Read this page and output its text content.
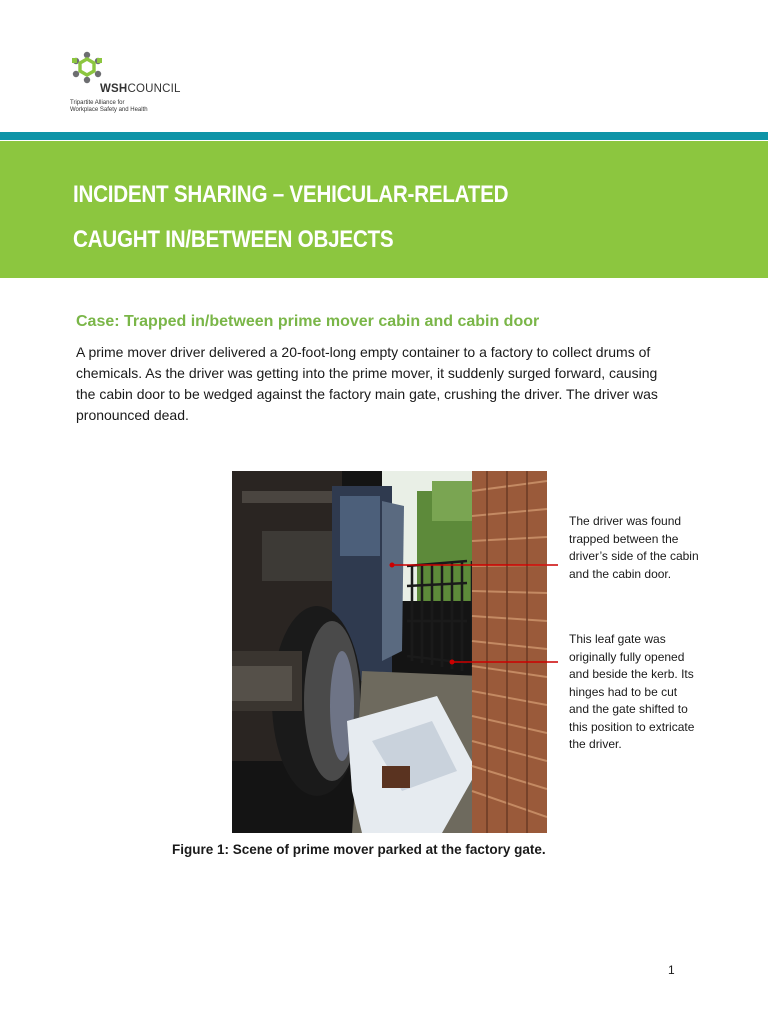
WSHCOUNCIL
Tripartite Alliance for
Workplace Safety and Health
INCIDENT SHARING – VEHICULAR-RELATED
CAUGHT IN/BETWEEN OBJECTS
Case: Trapped in/between prime mover cabin and cabin door

A prime mover driver delivered a 20-foot-long empty container to a factory to collect drums of chemicals. As the driver was getting into the prime mover, it suddenly surged forward, causing the cabin door to be wedged against the factory main gate, crushing the driver. The driver was pronounced dead.

The driver was found trapped between the driver’s side of the cabin and the cabin door.

This leaf gate was originally fully opened and beside the kerb. Its hinges had to be cut and the gate shifted to this position to extricate the driver.

Figure 1: Scene of prime mover parked at the factory gate.

1
